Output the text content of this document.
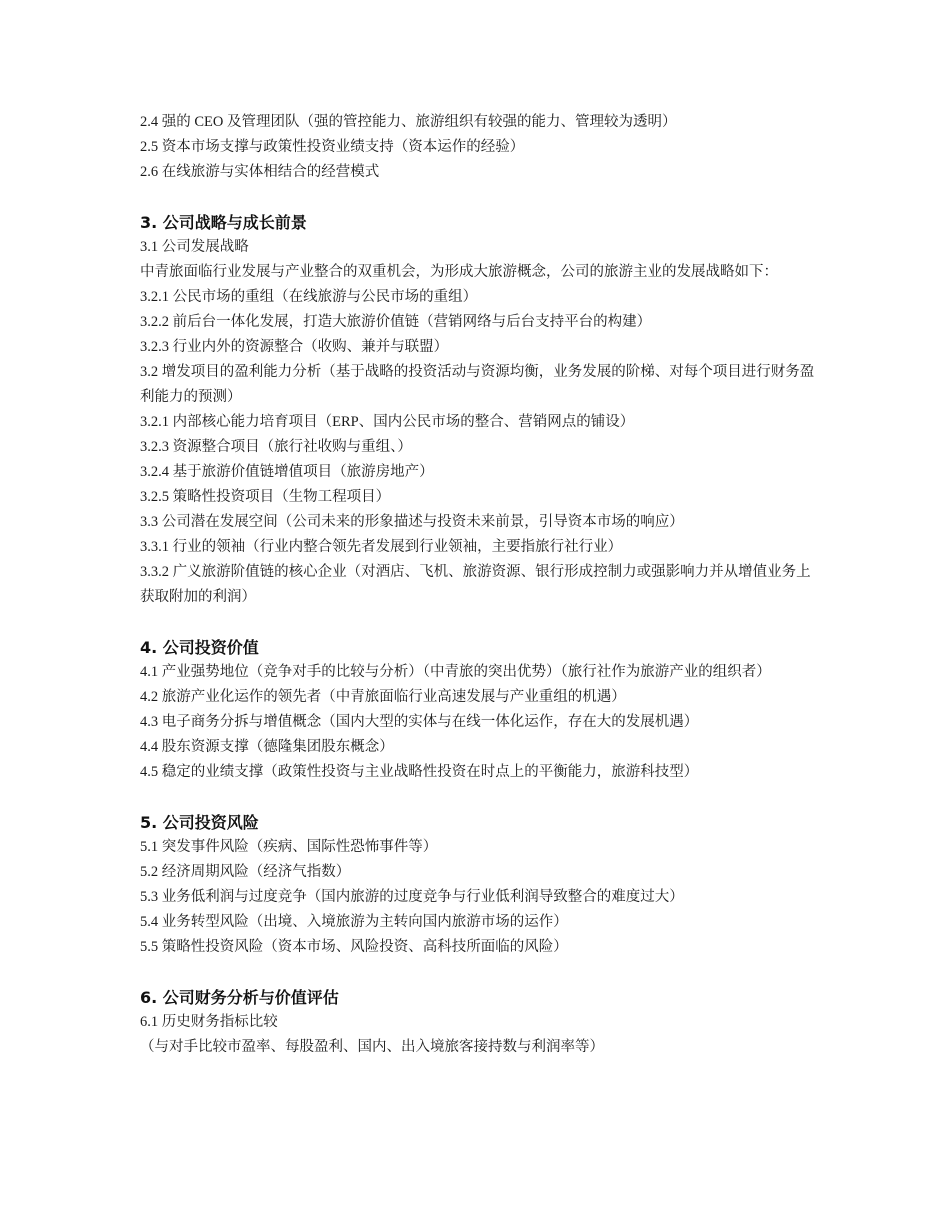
2.4 强的 CEO 及管理团队（强的管控能力、旅游组织有较强的能力、管理较为透明）

2.5 资本市场支撑与政策性投资业绩支持（资本运作的经验）

2.6 在线旅游与实体相结合的经营模式

3. 公司战略与成长前景

3.1 公司发展战略

中青旅面临行业发展与产业整合的双重机会，为形成大旅游概念，公司的旅游主业的发展战略如下：

3.2.1 公民市场的重组（在线旅游与公民市场的重组）

3.2.2 前后台一体化发展，打造大旅游价值链（营销网络与后台支持平台的构建）

3.2.3 行业内外的资源整合（收购、兼并与联盟）

3.2 增发项目的盈利能力分析（基于战略的投资活动与资源均衡，业务发展的阶梯、对每个项目进行财务盈利能力的预测）

3.2.1 内部核心能力培育项目（ERP、国内公民市场的整合、营销网点的铺设）

3.2.3 资源整合项目（旅行社收购与重组、）

3.2.4 基于旅游价值链增值项目（旅游房地产）

3.2.5 策略性投资项目（生物工程项目）

3.3 公司潜在发展空间（公司未来的形象描述与投资未来前景，引导资本市场的响应）

3.3.1 行业的领袖（行业内整合领先者发展到行业领袖，主要指旅行社行业）

3.3.2 广义旅游阶值链的核心企业（对酒店、飞机、旅游资源、银行形成控制力或强影响力并从增值业务上获取附加的利润）

4. 公司投资价值

4.1 产业强势地位（竞争对手的比较与分析）（中青旅的突出优势）（旅行社作为旅游产业的组织者）

4.2 旅游产业化运作的领先者（中青旅面临行业高速发展与产业重组的机遇）

4.3 电子商务分拆与增值概念（国内大型的实体与在线一体化运作，存在大的发展机遇）

4.4 股东资源支撑（德隆集团股东概念）

4.5 稳定的业绩支撑（政策性投资与主业战略性投资在时点上的平衡能力，旅游科技型）

5. 公司投资风险

5.1 突发事件风险（疾病、国际性恐怖事件等）

5.2 经济周期风险（经济气指数）

5.3 业务低利润与过度竞争（国内旅游的过度竞争与行业低利润导致整合的难度过大）

5.4 业务转型风险（出境、入境旅游为主转向国内旅游市场的运作）

5.5 策略性投资风险（资本市场、风险投资、高科技所面临的风险）

6. 公司财务分析与价值评估

6.1 历史财务指标比较

（与对手比较市盈率、每股盈利、国内、出入境旅客接持数与利润率等）
